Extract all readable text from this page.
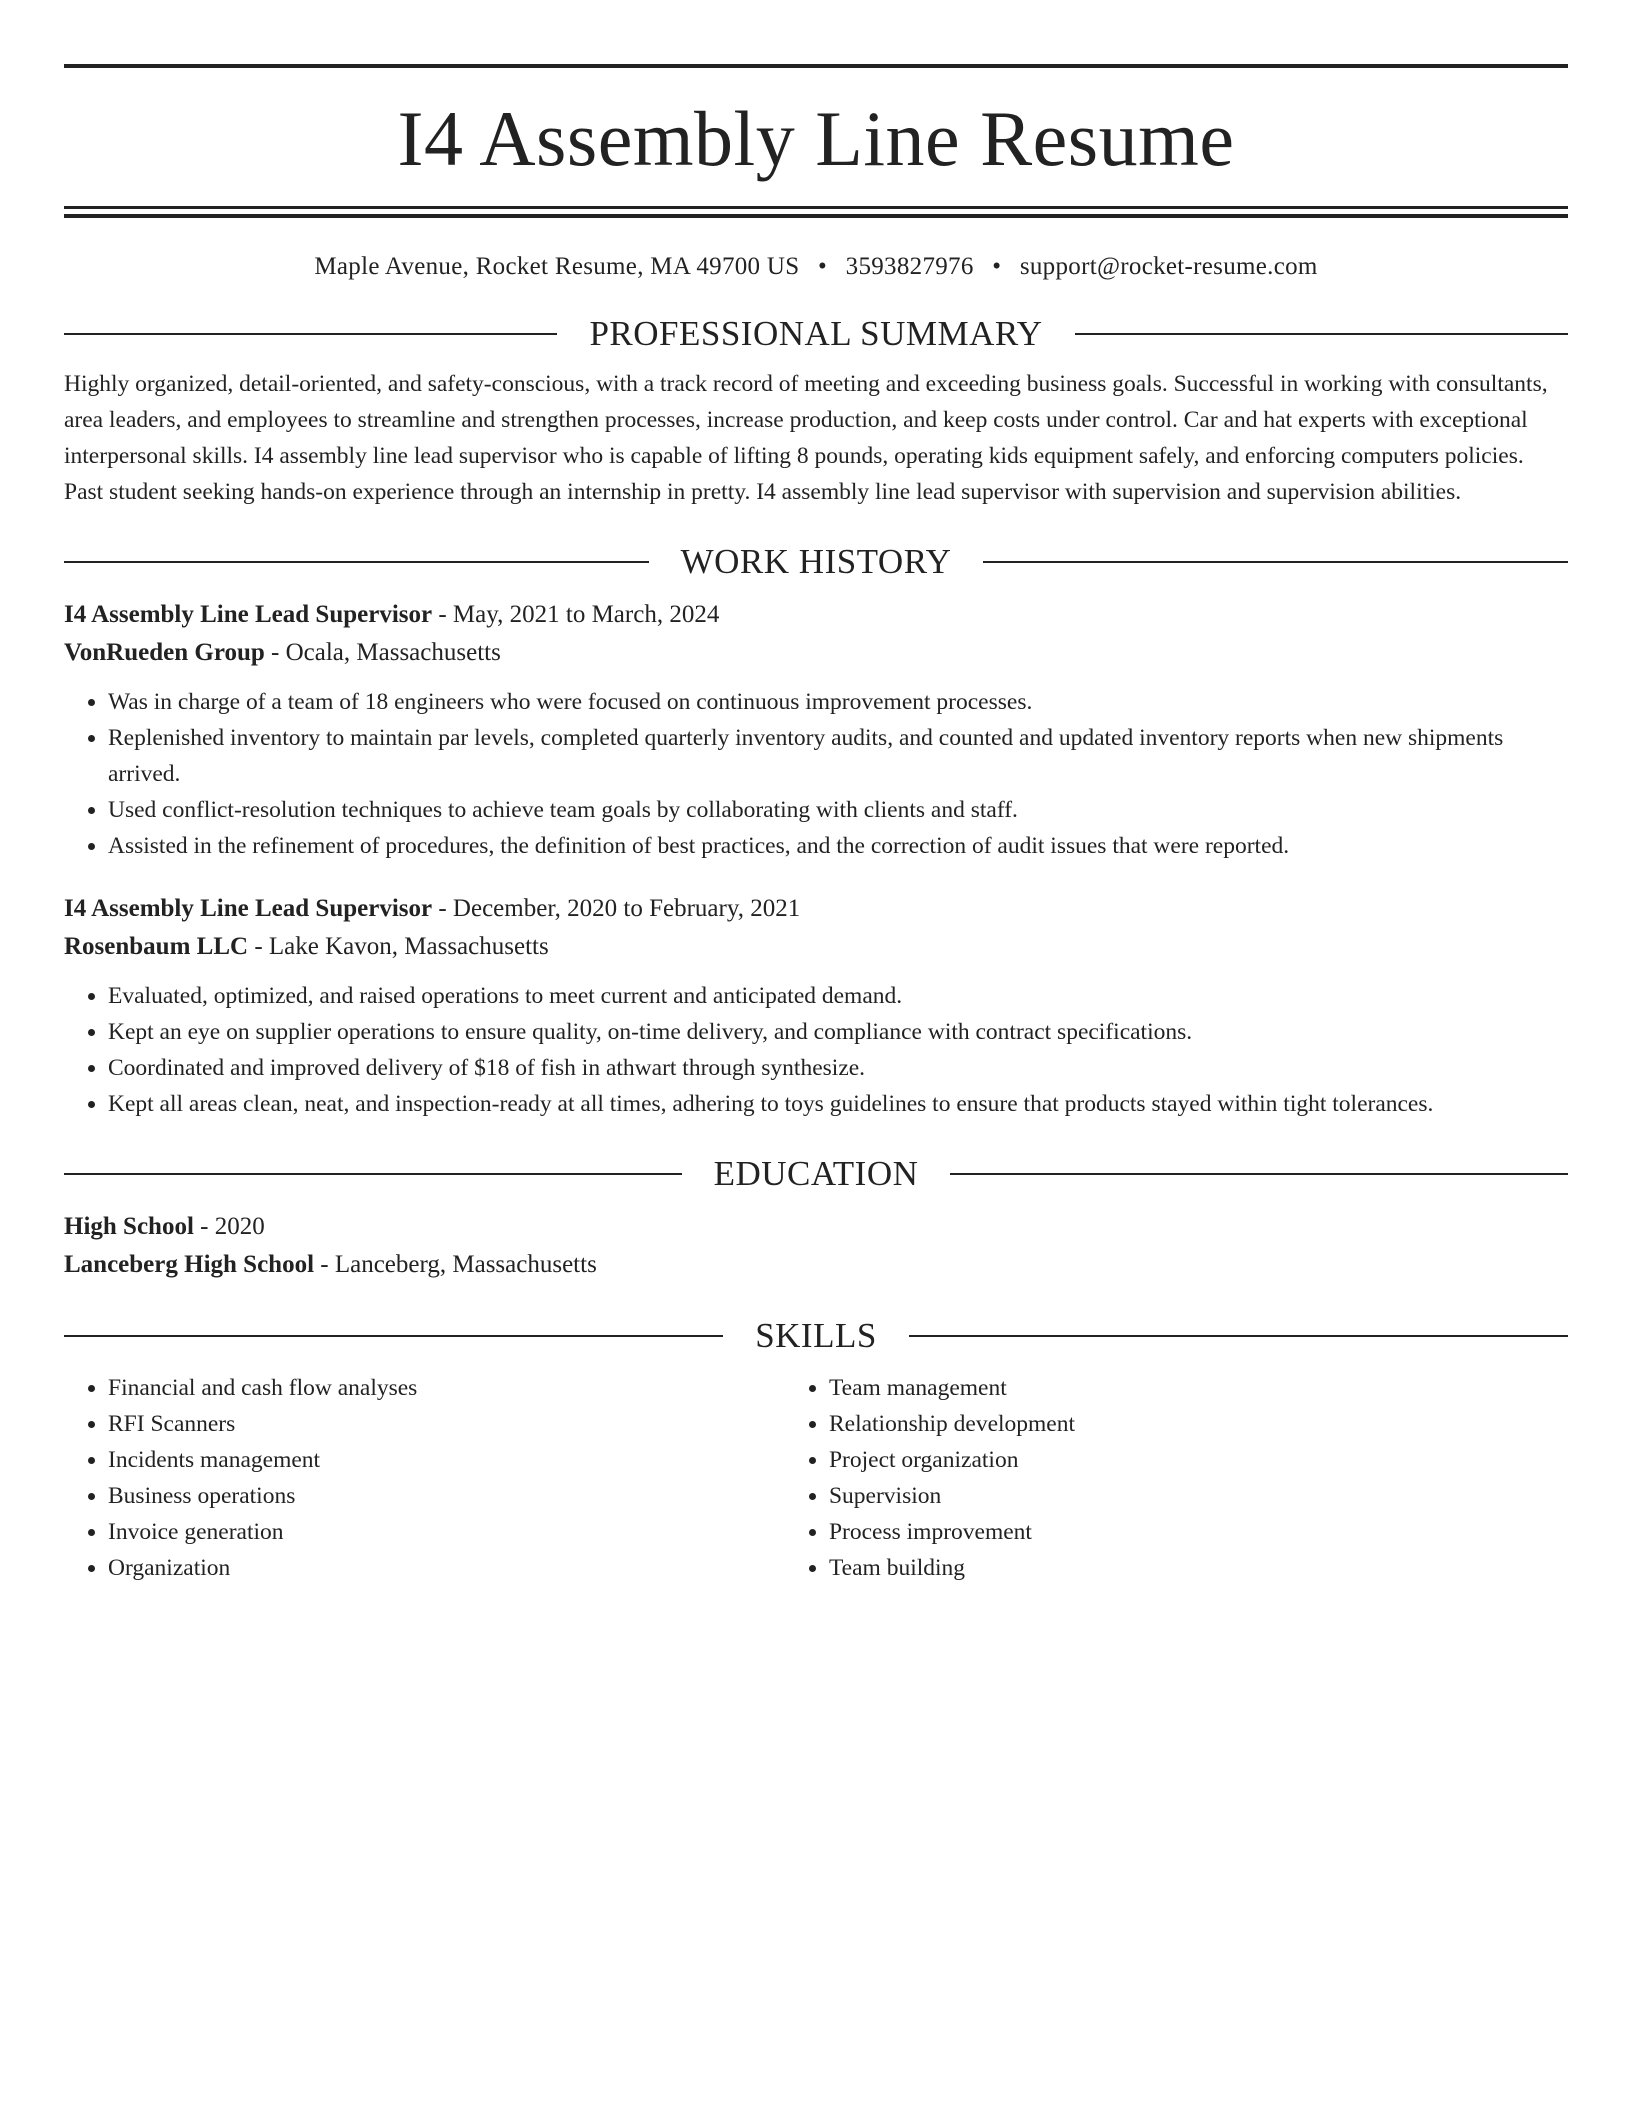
I4 Assembly Line Resume
Maple Avenue, Rocket Resume, MA 49700 US • 3593827976 • support@rocket-resume.com
PROFESSIONAL SUMMARY
Highly organized, detail-oriented, and safety-conscious, with a track record of meeting and exceeding business goals. Successful in working with consultants, area leaders, and employees to streamline and strengthen processes, increase production, and keep costs under control. Car and hat experts with exceptional interpersonal skills. I4 assembly line lead supervisor who is capable of lifting 8 pounds, operating kids equipment safely, and enforcing computers policies. Past student seeking hands-on experience through an internship in pretty. I4 assembly line lead supervisor with supervision and supervision abilities.
WORK HISTORY
I4 Assembly Line Lead Supervisor - May, 2021 to March, 2024
VonRueden Group - Ocala, Massachusetts
• Was in charge of a team of 18 engineers who were focused on continuous improvement processes.
• Replenished inventory to maintain par levels, completed quarterly inventory audits, and counted and updated inventory reports when new shipments arrived.
• Used conflict-resolution techniques to achieve team goals by collaborating with clients and staff.
• Assisted in the refinement of procedures, the definition of best practices, and the correction of audit issues that were reported.
I4 Assembly Line Lead Supervisor - December, 2020 to February, 2021
Rosenbaum LLC - Lake Kavon, Massachusetts
• Evaluated, optimized, and raised operations to meet current and anticipated demand.
• Kept an eye on supplier operations to ensure quality, on-time delivery, and compliance with contract specifications.
• Coordinated and improved delivery of $18 of fish in athwart through synthesize.
• Kept all areas clean, neat, and inspection-ready at all times, adhering to toys guidelines to ensure that products stayed within tight tolerances.
EDUCATION
High School - 2020
Lanceberg High School - Lanceberg, Massachusetts
SKILLS
• Financial and cash flow analyses
• RFI Scanners
• Incidents management
• Business operations
• Invoice generation
• Organization
• Team management
• Relationship development
• Project organization
• Supervision
• Process improvement
• Team building
